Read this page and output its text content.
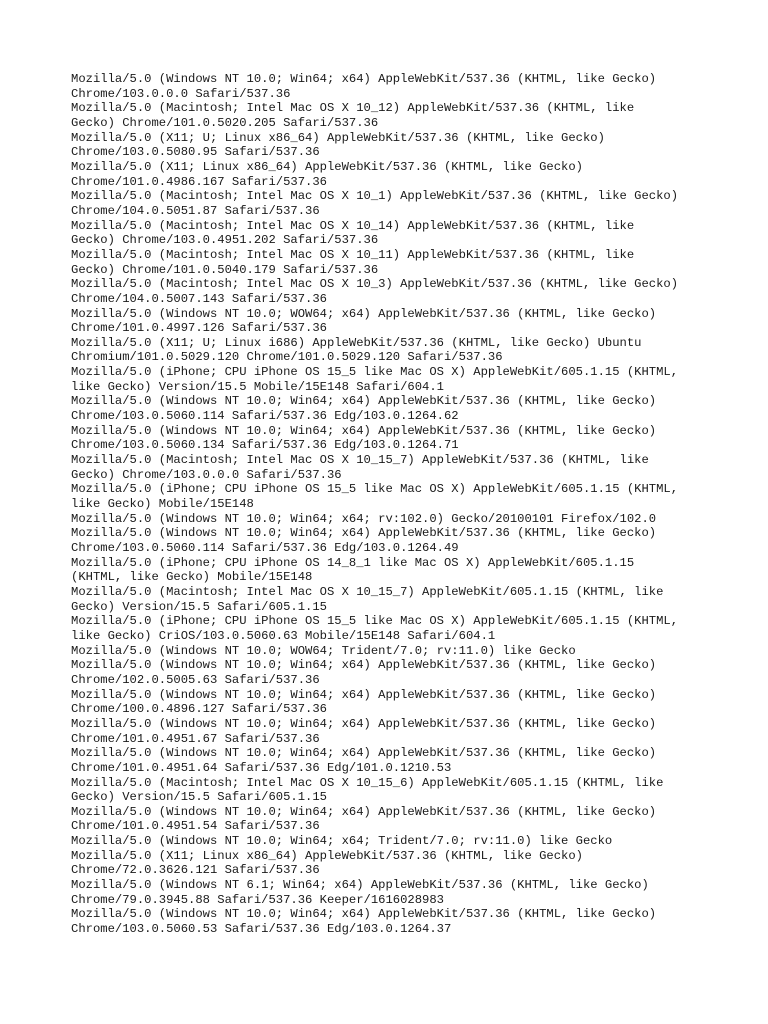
Mozilla/5.0 (Windows NT 10.0; Win64; x64) AppleWebKit/537.36 (KHTML, like Gecko)
Chrome/103.0.0.0 Safari/537.36
Mozilla/5.0 (Macintosh; Intel Mac OS X 10_12) AppleWebKit/537.36 (KHTML, like
Gecko) Chrome/101.0.5020.205 Safari/537.36
Mozilla/5.0 (X11; U; Linux x86_64) AppleWebKit/537.36 (KHTML, like Gecko)
Chrome/103.0.5080.95 Safari/537.36
Mozilla/5.0 (X11; Linux x86_64) AppleWebKit/537.36 (KHTML, like Gecko)
Chrome/101.0.4986.167 Safari/537.36
Mozilla/5.0 (Macintosh; Intel Mac OS X 10_1) AppleWebKit/537.36 (KHTML, like Gecko)
Chrome/104.0.5051.87 Safari/537.36
Mozilla/5.0 (Macintosh; Intel Mac OS X 10_14) AppleWebKit/537.36 (KHTML, like
Gecko) Chrome/103.0.4951.202 Safari/537.36
Mozilla/5.0 (Macintosh; Intel Mac OS X 10_11) AppleWebKit/537.36 (KHTML, like
Gecko) Chrome/101.0.5040.179 Safari/537.36
Mozilla/5.0 (Macintosh; Intel Mac OS X 10_3) AppleWebKit/537.36 (KHTML, like Gecko)
Chrome/104.0.5007.143 Safari/537.36
Mozilla/5.0 (Windows NT 10.0; WOW64; x64) AppleWebKit/537.36 (KHTML, like Gecko)
Chrome/101.0.4997.126 Safari/537.36
Mozilla/5.0 (X11; U; Linux i686) AppleWebKit/537.36 (KHTML, like Gecko) Ubuntu
Chromium/101.0.5029.120 Chrome/101.0.5029.120 Safari/537.36
Mozilla/5.0 (iPhone; CPU iPhone OS 15_5 like Mac OS X) AppleWebKit/605.1.15 (KHTML,
like Gecko) Version/15.5 Mobile/15E148 Safari/604.1
Mozilla/5.0 (Windows NT 10.0; Win64; x64) AppleWebKit/537.36 (KHTML, like Gecko)
Chrome/103.0.5060.114 Safari/537.36 Edg/103.0.1264.62
Mozilla/5.0 (Windows NT 10.0; Win64; x64) AppleWebKit/537.36 (KHTML, like Gecko)
Chrome/103.0.5060.134 Safari/537.36 Edg/103.0.1264.71
Mozilla/5.0 (Macintosh; Intel Mac OS X 10_15_7) AppleWebKit/537.36 (KHTML, like
Gecko) Chrome/103.0.0.0 Safari/537.36
Mozilla/5.0 (iPhone; CPU iPhone OS 15_5 like Mac OS X) AppleWebKit/605.1.15 (KHTML,
like Gecko) Mobile/15E148
Mozilla/5.0 (Windows NT 10.0; Win64; x64; rv:102.0) Gecko/20100101 Firefox/102.0
Mozilla/5.0 (Windows NT 10.0; Win64; x64) AppleWebKit/537.36 (KHTML, like Gecko)
Chrome/103.0.5060.114 Safari/537.36 Edg/103.0.1264.49
Mozilla/5.0 (iPhone; CPU iPhone OS 14_8_1 like Mac OS X) AppleWebKit/605.1.15
(KHTML, like Gecko) Mobile/15E148
Mozilla/5.0 (Macintosh; Intel Mac OS X 10_15_7) AppleWebKit/605.1.15 (KHTML, like
Gecko) Version/15.5 Safari/605.1.15
Mozilla/5.0 (iPhone; CPU iPhone OS 15_5 like Mac OS X) AppleWebKit/605.1.15 (KHTML,
like Gecko) CriOS/103.0.5060.63 Mobile/15E148 Safari/604.1
Mozilla/5.0 (Windows NT 10.0; WOW64; Trident/7.0; rv:11.0) like Gecko
Mozilla/5.0 (Windows NT 10.0; Win64; x64) AppleWebKit/537.36 (KHTML, like Gecko)
Chrome/102.0.5005.63 Safari/537.36
Mozilla/5.0 (Windows NT 10.0; Win64; x64) AppleWebKit/537.36 (KHTML, like Gecko)
Chrome/100.0.4896.127 Safari/537.36
Mozilla/5.0 (Windows NT 10.0; Win64; x64) AppleWebKit/537.36 (KHTML, like Gecko)
Chrome/101.0.4951.67 Safari/537.36
Mozilla/5.0 (Windows NT 10.0; Win64; x64) AppleWebKit/537.36 (KHTML, like Gecko)
Chrome/101.0.4951.64 Safari/537.36 Edg/101.0.1210.53
Mozilla/5.0 (Macintosh; Intel Mac OS X 10_15_6) AppleWebKit/605.1.15 (KHTML, like
Gecko) Version/15.5 Safari/605.1.15
Mozilla/5.0 (Windows NT 10.0; Win64; x64) AppleWebKit/537.36 (KHTML, like Gecko)
Chrome/101.0.4951.54 Safari/537.36
Mozilla/5.0 (Windows NT 10.0; Win64; x64; Trident/7.0; rv:11.0) like Gecko
Mozilla/5.0 (X11; Linux x86_64) AppleWebKit/537.36 (KHTML, like Gecko)
Chrome/72.0.3626.121 Safari/537.36
Mozilla/5.0 (Windows NT 6.1; Win64; x64) AppleWebKit/537.36 (KHTML, like Gecko)
Chrome/79.0.3945.88 Safari/537.36 Keeper/1616028983
Mozilla/5.0 (Windows NT 10.0; Win64; x64) AppleWebKit/537.36 (KHTML, like Gecko)
Chrome/103.0.5060.53 Safari/537.36 Edg/103.0.1264.37
